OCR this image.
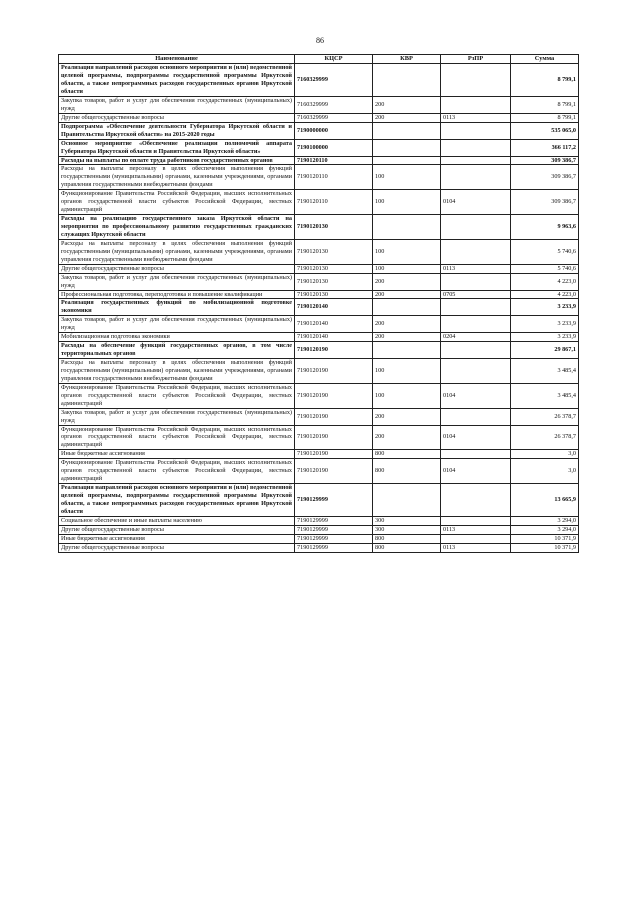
86
Наименование	КЦСР	КВР	РзПР	Сумма
Реализация направлений расходов основного мероприятия и (или) ведомственной целевой программы, подпрограммы государственной программы Иркутской области, а также непрограммных расходов государственных органов Иркутской области	7160329999			8 799,1
Закупка товаров, работ и услуг для обеспечения государственных (муниципальных) нужд	7160329999	200		8 799,1
Другие общегосударственные вопросы	7160329999	200	0113	8 799,1
Подпрограмма «Обеспечение деятельности Губернатора Иркутской области и Правительства Иркутской области» на 2015-2020 годы	7190000000			535 065,0
Основное мероприятие «Обеспечение реализации полномочий аппарата Губернатора Иркутской области и Правительства Иркутской области»	7190100000			366 117,2
Расходы на выплаты по оплате труда работников государственных органов	7190120110			309 386,7
Расходы на выплаты персоналу в целях обеспечения выполнения функций государственными (муниципальными) органами, казенными учреждениями, органами управления государственными внебюджетными фондами	7190120110	100		309 386,7
Функционирование Правительства Российской Федерации, высших исполнительных органов государственной власти субъектов Российской Федерации, местных администраций	7190120110	100	0104	309 386,7
Расходы на реализацию государственного заказа Иркутской области на мероприятия по профессиональному развитию государственных гражданских служащих Иркутской области	7190120130			9 963,6
Расходы на выплаты персоналу в целях обеспечения выполнения функций государственными (муниципальными) органами, казенными учреждениями, органами управления государственными внебюджетными фондами	7190120130	100		5 740,6
Другие общегосударственные вопросы	7190120130	100	0113	5 740,6
Закупка товаров, работ и услуг для обеспечения государственных (муниципальных) нужд	7190120130	200		4 223,0
Профессиональная подготовка, переподготовка и повышение квалификации	7190120130	200	0705	4 223,0
Реализация государственных функций по мобилизационной подготовке экономики	7190120140			3 233,9
Закупка товаров, работ и услуг для обеспечения государственных (муниципальных) нужд	7190120140	200		3 233,9
Мобилизационная подготовка экономики	7190120140	200	0204	3 233,9
Расходы на обеспечение функций государственных органов, в том числе территориальных органов	7190120190			29 867,1
Расходы на выплаты персоналу в целях обеспечения выполнения функций государственными (муниципальными) органами, казенными учреждениями, органами управления государственными внебюджетными фондами	7190120190	100		3 485,4
Функционирование Правительства Российской Федерации, высших исполнительных органов государственной власти субъектов Российской Федерации, местных администраций	7190120190	100	0104	3 485,4
Закупка товаров, работ и услуг для обеспечения государственных (муниципальных) нужд	7190120190	200		26 378,7
Функционирование Правительства Российской Федерации, высших исполнительных органов государственной власти субъектов Российской Федерации, местных администраций	7190120190	200	0104	26 378,7
Иные бюджетные ассигнования	7190120190	800		3,0
Функционирование Правительства Российской Федерации, высших исполнительных органов государственной власти субъектов Российской Федерации, местных администраций	7190120190	800	0104	3,0
Реализация направлений расходов основного мероприятия и (или) ведомственной целевой программы, подпрограммы государственной программы Иркутской области, а также непрограммных расходов государственных органов Иркутской области	7190129999			13 665,9
Социальное обеспечение и иные выплаты населению	7190129999	300		3 294,0
Другие общегосударственные вопросы	7190129999	300	0113	3 294,0
Иные бюджетные ассигнования	7190129999	800		10 371,9
Другие общегосударственные вопросы	7190129999	800	0113	10 371,9
